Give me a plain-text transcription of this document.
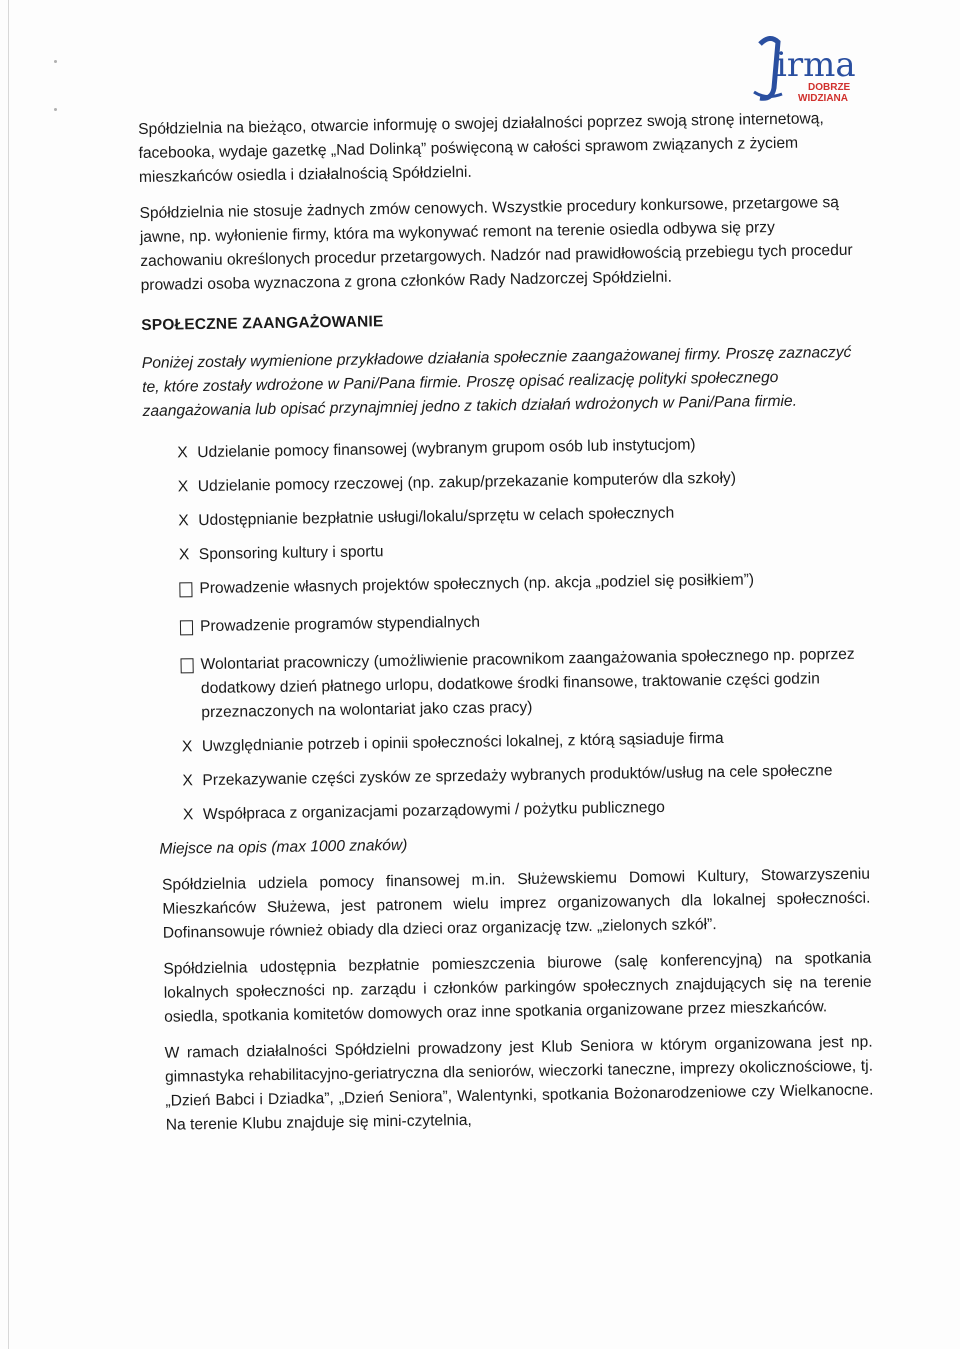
irma
DOBRZE
WIDZIANA

Spółdzielnia na bieżąco, otwarcie informuję o swojej działalności poprzez swoją stronę internetową, facebooka, wydaje gazetkę „Nad Dolinką” poświęconą w całości sprawom związanych z życiem mieszkańców osiedla i działalnością Spółdzielni.

Spółdzielnia nie stosuje żadnych zmów cenowych. Wszystkie procedury konkursowe, przetargowe są jawne, np. wyłonienie firmy, która ma wykonywać remont na terenie osiedla odbywa się przy zachowaniu określonych procedur przetargowych. Nadzór nad prawidłowością przebiegu tych procedur prowadzi osoba wyznaczona z grona członków Rady Nadzorczej Spółdzielni.

SPOŁECZNE ZAANGAŻOWANIE

Poniżej zostały wymienione przykładowe działania społecznie zaangażowanej firmy. Proszę zaznaczyć te, które zostały wdrożone w Pani/Pana firmie. Proszę opisać realizację polityki społecznego zaangażowania lub opisać przynajmniej jedno z takich działań wdrożonych w Pani/Pana firmie.

X Udzielanie pomocy finansowej (wybranym grupom osób lub instytucjom)
X Udzielanie pomocy rzeczowej (np. zakup/przekazanie komputerów dla szkoły)
X Udostępnianie bezpłatnie usługi/lokalu/sprzętu w celach społecznych
X Sponsoring kultury i sportu
Prowadzenie własnych projektów społecznych (np. akcja „podziel się posiłkiem”)
Prowadzenie programów stypendialnych
Wolontariat pracowniczy (umożliwienie pracownikom zaangażowania społecznego np. poprzez dodatkowy dzień płatnego urlopu, dodatkowe środki finansowe, traktowanie części godzin przeznaczonych na wolontariat jako czas pracy)
X Uwzględnianie potrzeb i opinii społeczności lokalnej, z którą sąsiaduje firma
X Przekazywanie części zysków ze sprzedaży wybranych produktów/usług na cele społeczne
X Współpraca z organizacjami pozarządowymi / pożytku publicznego

Miejsce na opis (max 1000 znaków)

Spółdzielnia udziela pomocy finansowej m.in. Służewskiemu Domowi Kultury, Stowarzyszeniu Mieszkańców Służewa, jest patronem wielu imprez organizowanych dla lokalnej społeczności. Dofinansowuje również obiady dla dzieci oraz organizację tzw. „zielonych szkół”.

Spółdzielnia udostępnia bezpłatnie pomieszczenia biurowe (salę konferencyjną) na spotkania lokalnych społeczności np. zarządu i członków parkingów społecznych znajdujących się na terenie osiedla, spotkania komitetów domowych oraz inne spotkania organizowane przez mieszkańców.

W ramach działalności Spółdzielni prowadzony jest Klub Seniora w którym organizowana jest np. gimnastyka rehabilitacyjno-geriatryczna dla seniorów, wieczorki taneczne, imprezy okolicznościowe, tj. „Dzień Babci i Dziadka”, „Dzień Seniora”, Walentynki, spotkania Bożonarodzeniowe czy Wielkanocne. Na terenie Klubu znajduje się mini-czytelnia,
